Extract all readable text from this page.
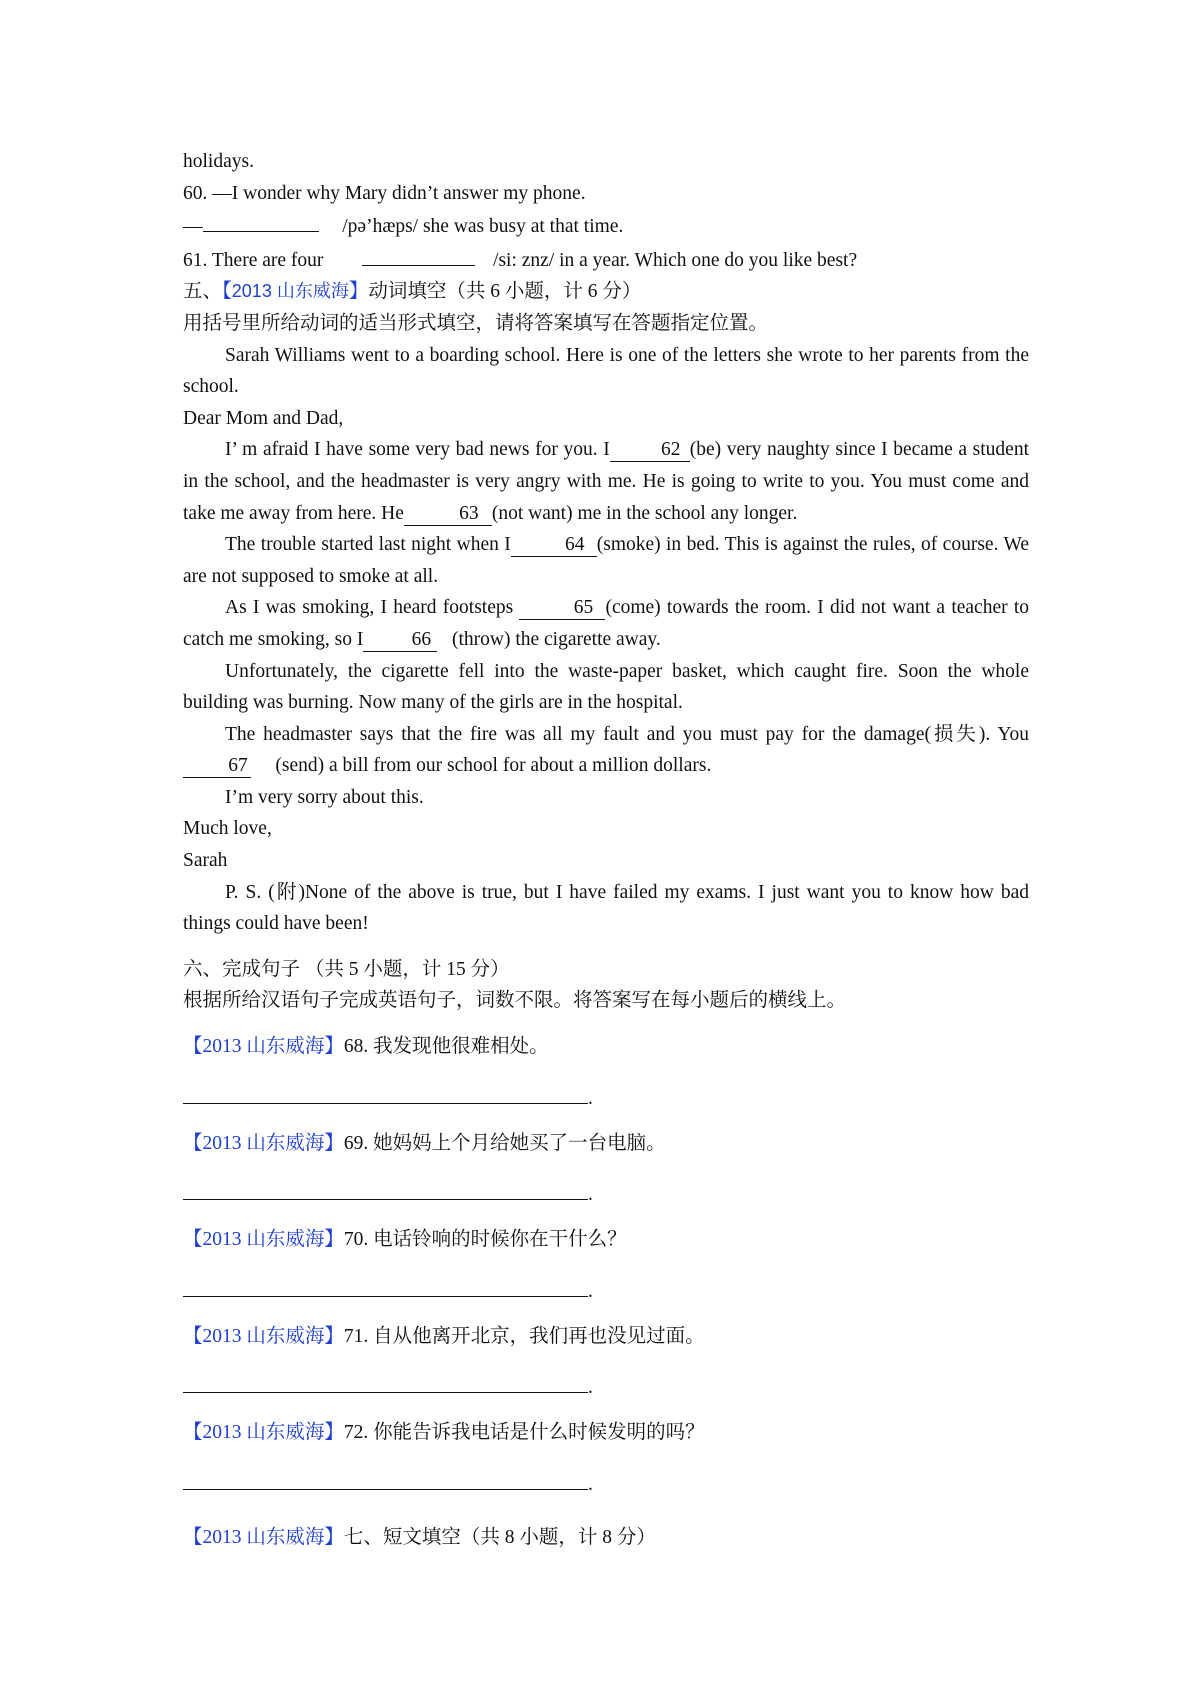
holidays.

60. —I wonder why Mary didn’t answer my phone.

—	/pə’hæps/ she was busy at that time.

61. There are four	/si: znz/ in a year. Which one do you like best?

五、【2013 山东威海】动词填空（共 6 小题，计 6 分）

用括号里所给动词的适当形式填空，请将答案填写在答题指定位置。

Sarah Williams went to a boarding school. Here is one of the letters she wrote to her parents from the school.

Dear Mom and Dad,

I’ m afraid I have some very bad news for you. I	62 (be) very naughty since I became a student in the school, and the headmaster is very angry with me. He is going to write to you. You must come and take me away from here. He	63 (not want) me in the school any longer.

The trouble started last night when I	64 (smoke) in bed. This is against the rules, of course. We are not supposed to smoke at all.

As I was smoking, I heard footsteps	65 (come) towards the room. I did not want a teacher to catch me smoking, so I 66 (throw) the cigarette away.

Unfortunately, the cigarette fell into the waste-paper basket, which caught fire. Soon the whole building was burning. Now many of the girls are in the hospital.

The headmaster says that the fire was all my fault and you must pay for the damage(损失). You67 (send) a bill from our school for about a million dollars.

I’m very sorry about this.

Much love,

Sarah

P. S. (附)None of the above is true, but I have failed my exams. I just want you to know how bad things could have been!

六、完成句子 （共 5 小题，计 15 分）

根据所给汉语句子完成英语句子，词数不限。将答案写在每小题后的横线上。

【2013 山东威海】68. 我发现他很难相处。

.

【2013 山东威海】69. 她妈妈上个月给她买了一台电脑。

.

【2013 山东威海】70. 电话铃响的时候你在干什么？

.

【2013 山东威海】71. 自从他离开北京，我们再也没见过面。

.

【2013 山东威海】72. 你能告诉我电话是什么时候发明的吗？

.

【2013 山东威海】七、短文填空（共 8 小题，计 8 分）
